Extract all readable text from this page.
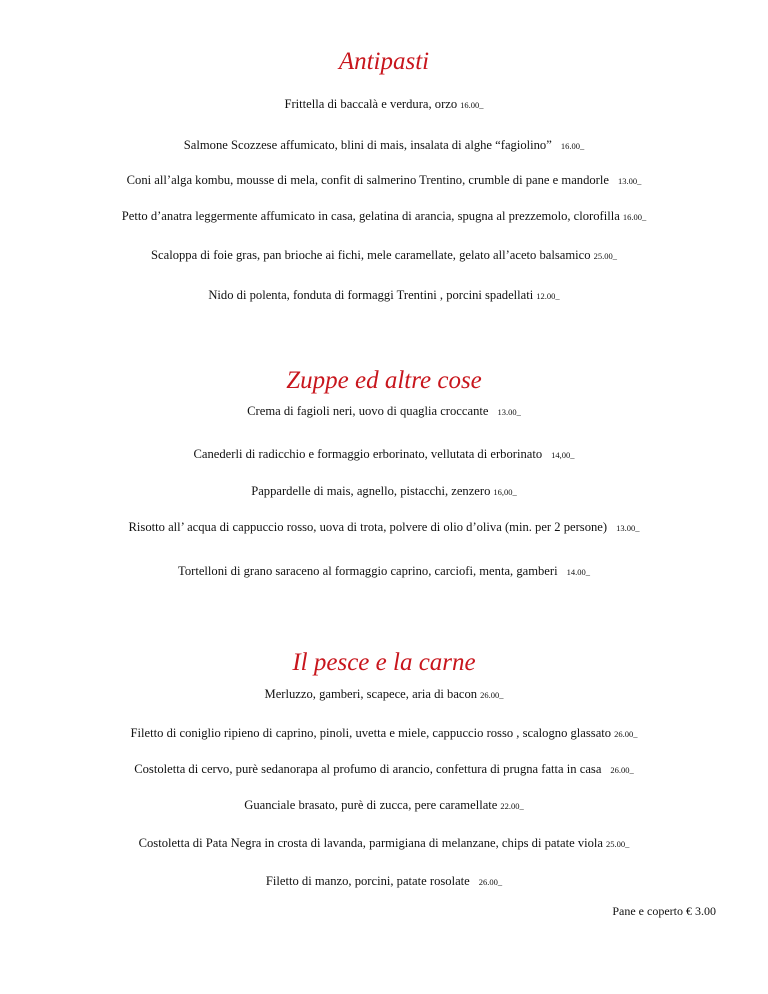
Antipasti
Frittella di baccalà e verdura, orzo 16.00_
Salmone Scozzese affumicato, blini di mais, insalata di alghe “fagiolino” 16.00_
Coni all’alga kombu, mousse di mela, confit di salmerino Trentino, crumble di pane e mandorle 13.00_
Petto d’anatra leggermente affumicato in casa, gelatina di arancia, spugna al prezzemolo, clorofilla 16.00_
Scaloppa di foie gras, pan brioche ai fichi, mele caramellate, gelato all’aceto balsamico 25.00_
Nido di polenta, fonduta di formaggi Trentini , porcini spadellati 12.00_
Zuppe ed altre cose
Crema di fagioli neri, uovo di quaglia croccante 13.00_
Canederli di radicchio e formaggio erborinato, vellutata di erborinato 14,00_
Pappardelle di mais, agnello, pistacchi, zenzero 16,00_
Risotto all’ acqua di cappuccio rosso, uova di trota, polvere di olio d’oliva (min. per 2 persone) 13.00_
Tortelloni di grano saraceno al formaggio caprino, carciofi, menta, gamberi 14.00_
Il pesce e la carne
Merluzzo, gamberi, scapece, aria di bacon 26.00_
Filetto di coniglio ripieno di caprino, pinoli, uvetta e miele, cappuccio rosso , scalogno glassato 26.00_
Costoletta di cervo, purè sedanorapa al profumo di arancio, confettura di prugna fatta in casa 26.00_
Guanciale brasato, purè di zucca, pere caramellate 22.00_
Costoletta di Pata Negra in crosta di lavanda, parmigiana di melanzane, chips di patate viola 25.00_
Filetto di manzo, porcini, patate rosolate 26.00_
Pane e coperto € 3.00
